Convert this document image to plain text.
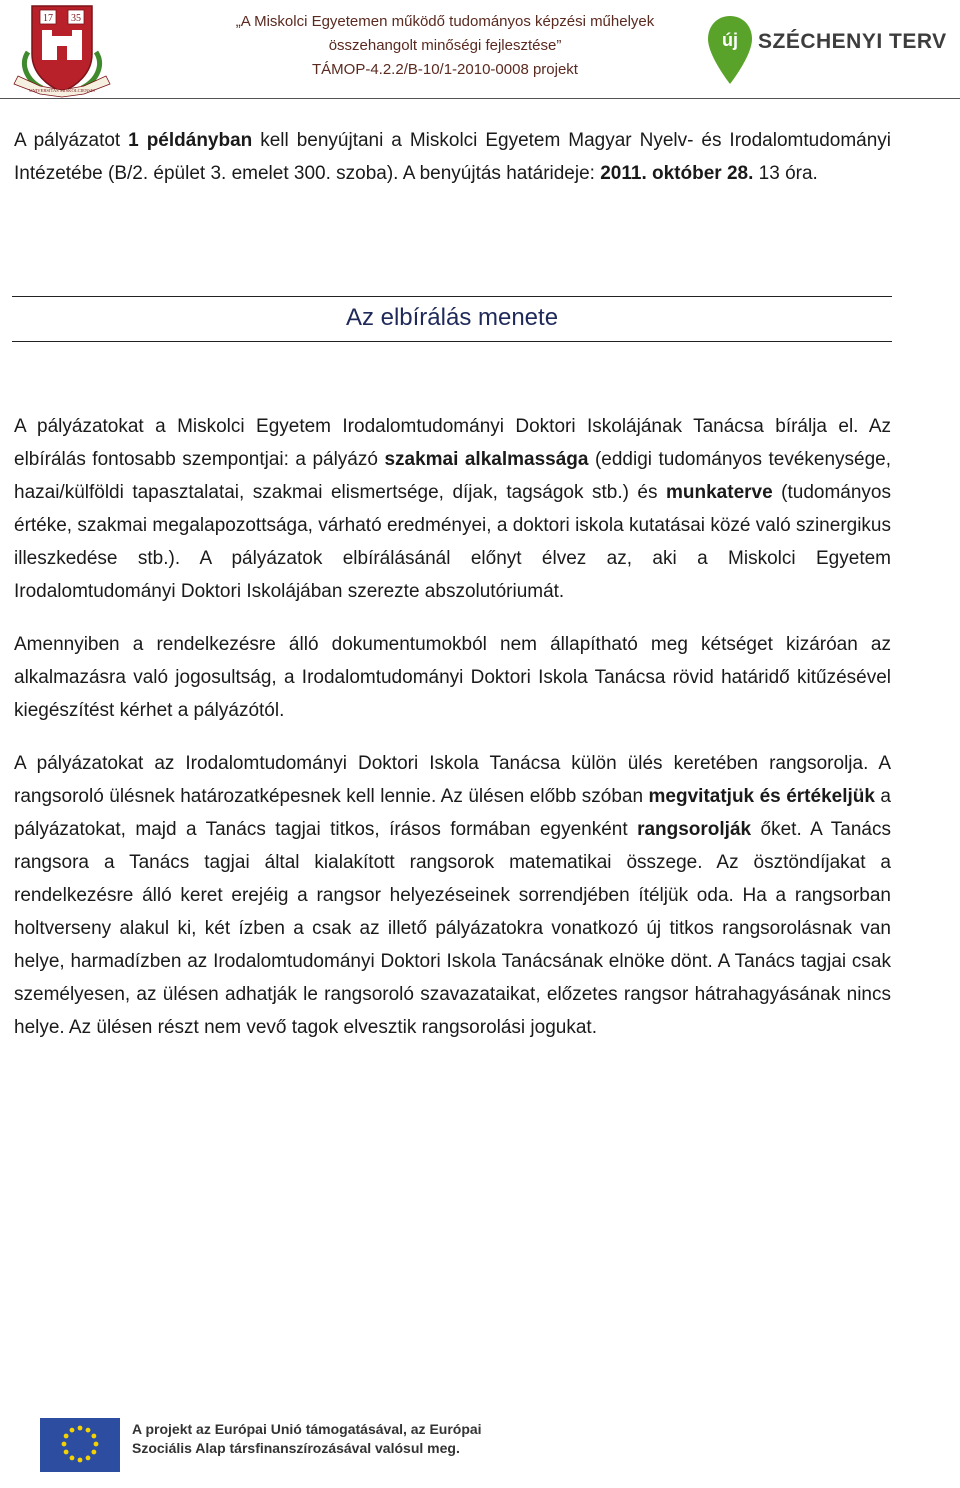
17 35
UNIVERSITAS MISKOLCIENSIS
„A Miskolci Egyetemen működő tudományos képzési műhelyek
összehangolt minőségi fejlesztése”
TÁMOP-4.2.2/B-10/1-2010-0008 projekt
új SZÉCHENYI TERV

A pályázatot 1 példányban kell benyújtani a Miskolci Egyetem Magyar Nyelv- és Irodalomtudományi Intézetébe (B/2. épület 3. emelet 300. szoba). A benyújtás határideje: 2011. október 28. 13 óra.

Az elbírálás menete

A pályázatokat a Miskolci Egyetem Irodalomtudományi Doktori Iskolájának Tanácsa bírálja el. Az elbírálás fontosabb szempontjai: a pályázó szakmai alkalmassága (eddigi tudományos tevékenysége, hazai/külföldi tapasztalatai, szakmai elismertsége, díjak, tagságok stb.) és munkaterve (tudományos értéke, szakmai megalapozottsága, várható eredményei, a doktori iskola kutatásai közé való szinergikus illeszkedése stb.). A pályázatok elbírálásánál előnyt élvez az, aki a Miskolci Egyetem Irodalomtudományi Doktori Iskolájában szerezte abszolutóriumát.

Amennyiben a rendelkezésre álló dokumentumokból nem állapítható meg kétséget kizáróan az alkalmazásra való jogosultság, a Irodalomtudományi Doktori Iskola Tanácsa rövid határidő kitűzésével kiegészítést kérhet a pályázótól.

A pályázatokat az Irodalomtudományi Doktori Iskola Tanácsa külön ülés keretében rangsorolja. A rangsoroló ülésnek határozatképesnek kell lennie. Az ülésen előbb szóban megvitatjuk és értékeljük a pályázatokat, majd a Tanács tagjai titkos, írásos formában egyenként rangsorolják őket. A Tanács rangsora a Tanács tagjai által kialakított rangsorok matematikai összege. Az ösztöndíjakat a rendelkezésre álló keret erejéig a rangsor helyezéseinek sorrendjében ítéljük oda. Ha a rangsorban holtverseny alakul ki, két ízben a csak az illető pályázatokra vonatkozó új titkos rangsorolásnak van helye, harmadízben az Irodalomtudományi Doktori Iskola Tanácsának elnöke dönt. A Tanács tagjai csak személyesen, az ülésen adhatják le rangsoroló szavazataikat, előzetes rangsor hátrahagyásának nincs helye. Az ülésen részt nem vevő tagok elvesztik rangsorolási jogukat.

A projekt az Európai Unió támogatásával, az Európai
Szociális Alap társfinanszírozásával valósul meg.
